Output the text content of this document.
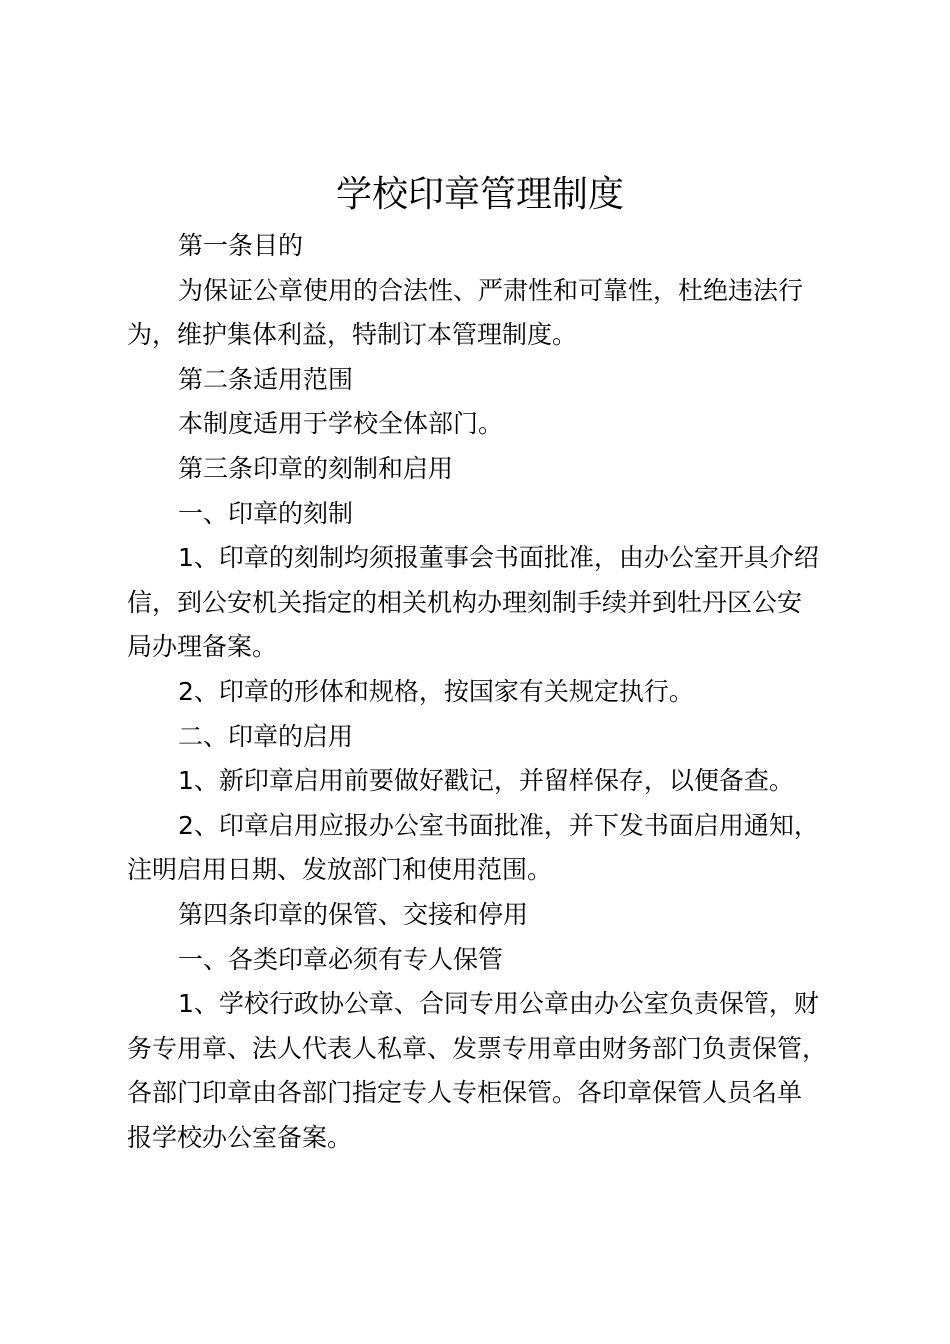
学校印章管理制度
第一条目的
为保证公章使用的合法性、严肃性和可靠性，杜绝违法行
为，维护集体利益，特制订本管理制度。
第二条适用范围
本制度适用于学校全体部门。
第三条印章的刻制和启用
一、印章的刻制
1、印章的刻制均须报董事会书面批准，由办公室开具介绍
信，到公安机关指定的相关机构办理刻制手续并到牡丹区公安
局办理备案。
2、印章的形体和规格，按国家有关规定执行。
二、印章的启用
1、新印章启用前要做好戳记，并留样保存，以便备查。
2、印章启用应报办公室书面批准，并下发书面启用通知，
注明启用日期、发放部门和使用范围。
第四条印章的保管、交接和停用
一、各类印章必须有专人保管
1、学校行政协公章、合同专用公章由办公室负责保管，财
务专用章、法人代表人私章、发票专用章由财务部门负责保管，
各部门印章由各部门指定专人专柜保管。各印章保管人员名单
报学校办公室备案。
